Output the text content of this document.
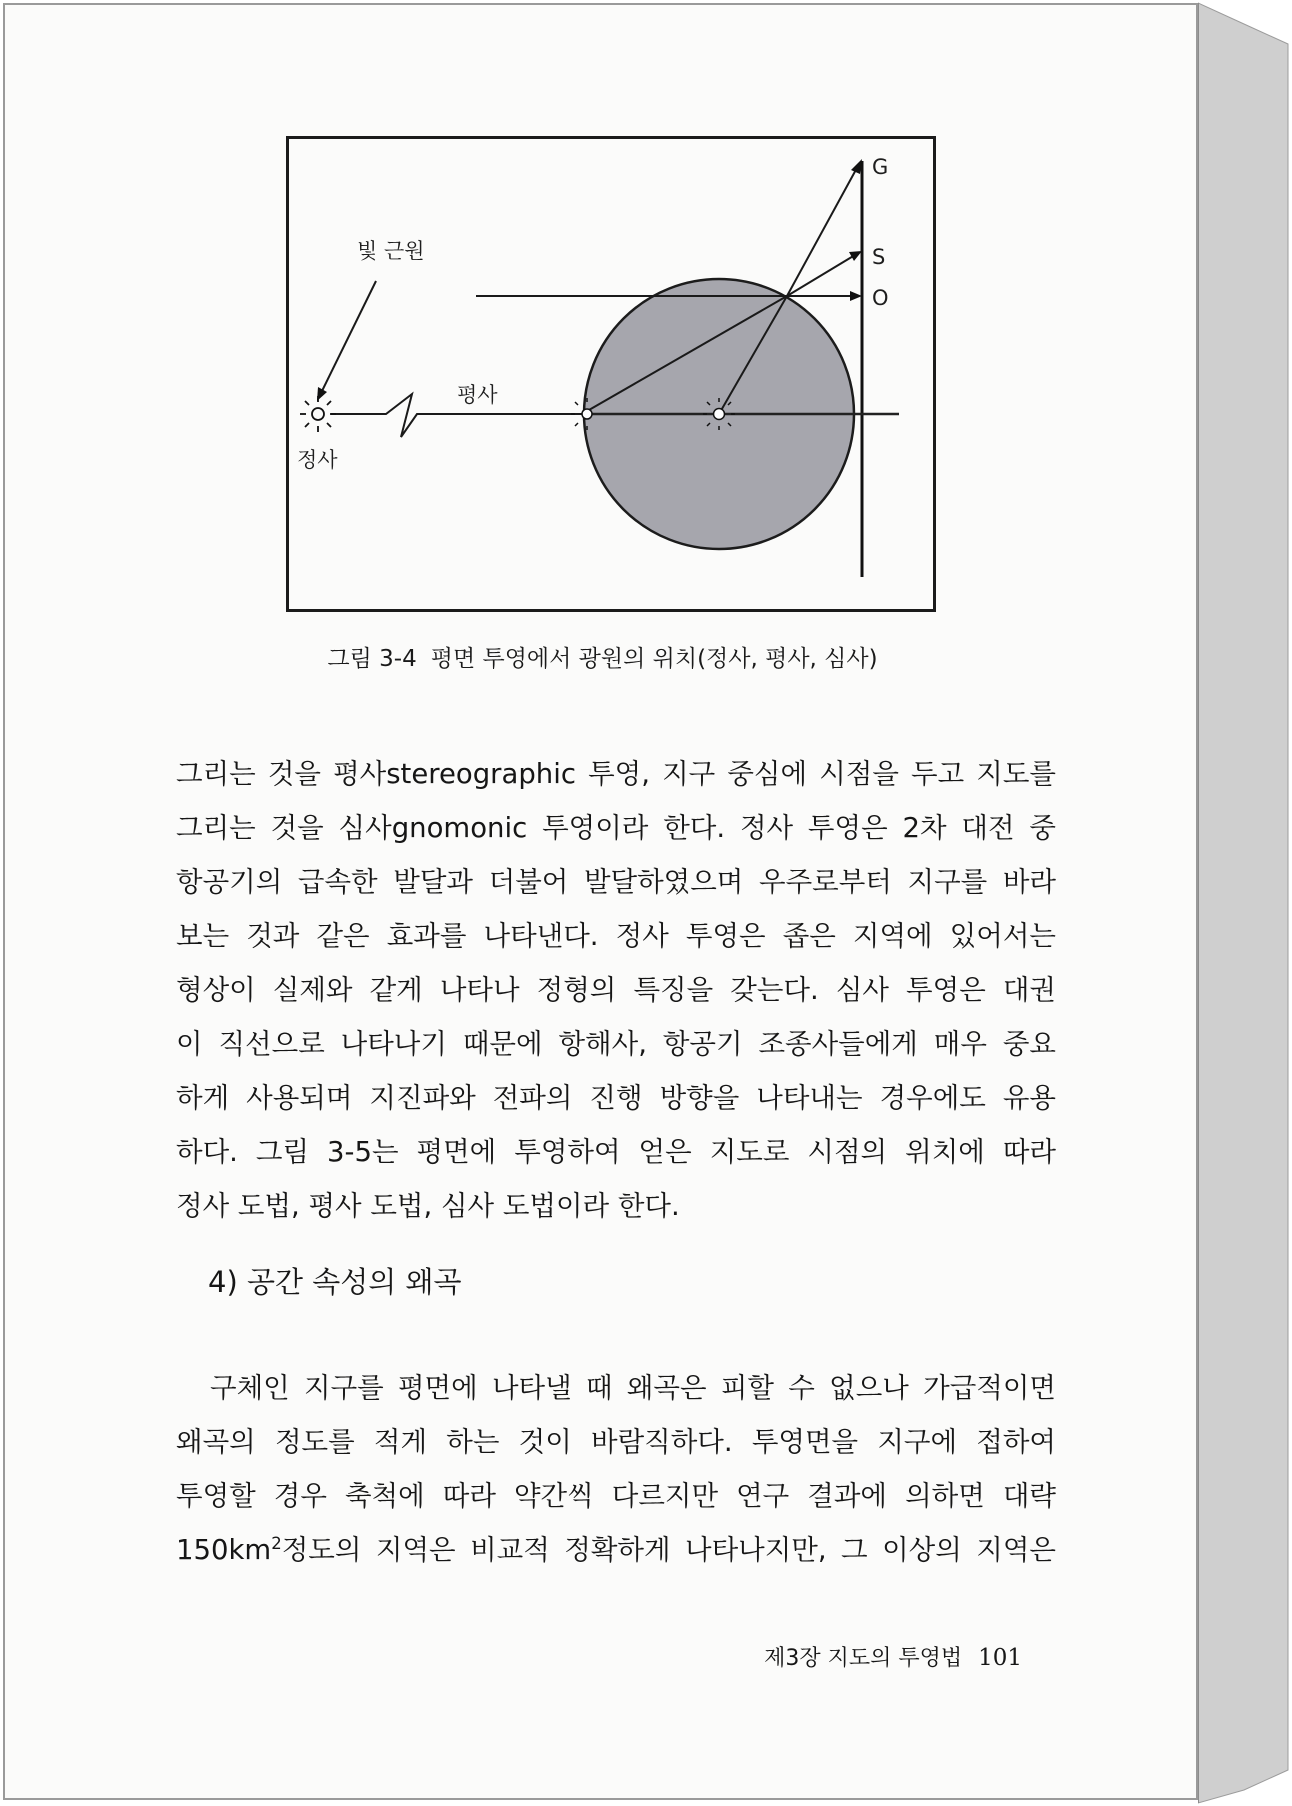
빛 근원
평사
정사
G
S
O
그림 3-4 평면 투영에서 광원의 위치(정사, 평사, 심사)
그리는 것을 평사stereographic 투영, 지구 중심에 시점을 두고 지도를
그리는 것을 심사gnomonic 투영이라 한다. 정사 투영은 2차 대전 중
항공기의 급속한 발달과 더불어 발달하였으며 우주로부터 지구를 바라
보는 것과 같은 효과를 나타낸다. 정사 투영은 좁은 지역에 있어서는
형상이 실제와 같게 나타나 정형의 특징을 갖는다. 심사 투영은 대권
이 직선으로 나타나기 때문에 항해사, 항공기 조종사들에게 매우 중요
하게 사용되며 지진파와 전파의 진행 방향을 나타내는 경우에도 유용
하다. 그림 3-5는 평면에 투영하여 얻은 지도로 시점의 위치에 따라
정사 도법, 평사 도법, 심사 도법이라 한다.
4) 공간 속성의 왜곡
구체인 지구를 평면에 나타낼 때 왜곡은 피할 수 없으나 가급적이면
왜곡의 정도를 적게 하는 것이 바람직하다. 투영면을 지구에 접하여
투영할 경우 축척에 따라 약간씩 다르지만 연구 결과에 의하면 대략
$150km^2$정도의 지역은 비교적 정확하게 나타나지만, 그 이상의 지역은
제3장 지도의 투영법 101
